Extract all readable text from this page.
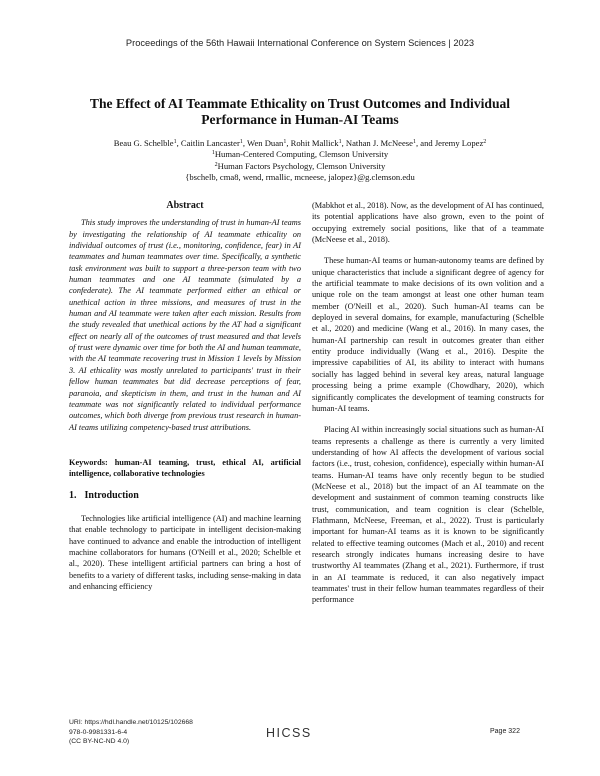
Proceedings of the 56th Hawaii International Conference on System Sciences | 2023
The Effect of AI Teammate Ethicality on Trust Outcomes and Individual
Performance in Human-AI Teams
Beau G. Schelble$^1$, Caitlin Lancaster$^1$, Wen Duan$^1$, Rohit Mallick$^1$, Nathan J. McNeese$^1$, and Jeremy Lopez$^2$
$^1$Human-Centered Computing, Clemson University
$^2$Human Factors Psychology, Clemson University
{bschelb, cma8, wend, rmallic, mcneese, jalopez}@g.clemson.edu
Abstract

This study improves the understanding of trust in human-AI teams by investigating the relationship of AI teammate ethicality on individual outcomes of trust (i.e., monitoring, confidence, fear) in AI teammates and human teammates over time. Specifically, a synthetic task environment was built to support a three-person team with two human teammates and one AI teammate (simulated by a confederate). The AI teammate performed either an ethical or unethical action in three missions, and measures of trust in the human and AI teammate were taken after each mission. Results from the study revealed that unethical actions by the AT had a significant effect on nearly all of the outcomes of trust measured and that levels of trust were dynamic over time for both the AI and human teammate, with the AI teammate recovering trust in Mission 1 levels by Mission 3. AI ethicality was mostly unrelated to participants' trust in their fellow human teammates but did decrease perceptions of fear, paranoia, and skepticism in them, and trust in the human and AI teammate was not significantly related to individual performance outcomes, which both diverge from previous trust research in human-AI teams utilizing competency-based trust attributions.

Keywords: human-AI teaming, trust, ethical AI, artificial intelligence, collaborative technologies

1. Introduction

Technologies like artificial intelligence (AI) and machine learning that enable technology to participate in intelligent decision-making have continued to advance and enable the introduction of intelligent machine collaborators for humans (O'Neill et al., 2020; Schelble et al., 2020). These intelligent artificial partners can bring a host of benefits to a variety of different tasks, including sense-making in data and enhancing efficiency

(Mabkhot et al., 2018). Now, as the development of AI has continued, its potential applications have also grown, even to the point of occupying extremely social positions, like that of a teammate (McNeese et al., 2018).

These human-AI teams or human-autonomy teams are defined by unique characteristics that include a significant degree of agency for the artificial teammate to make decisions of its own volition and a unique role on the team amongst at least one other human team member (O'Neill et al., 2020). Such human-AI teams can be deployed in several domains, for example, manufacturing (Schelble et al., 2020) and medicine (Wang et al., 2016). In many cases, the human-AI partnership can result in outcomes greater than either entity produce individually (Wang et al., 2016). Despite the impressive capabilities of AI, its ability to interact with humans socially has lagged behind in several key areas, natural language processing being a prime example (Chowdhary, 2020), which significantly complicates the development of teaming constructs for human-AI teams.

Placing AI within increasingly social situations such as human-AI teams represents a challenge as there is currently a very limited understanding of how AI affects the development of various social factors (i.e., trust, cohesion, confidence), especially within human-AI teams. Human-AI teams have only recently begun to be studied (McNeese et al., 2018) but the impact of an AI teammate on the development and sustainment of common teaming constructs like trust, communication, and team cognition is clear (Schelble, Flathmann, McNeese, Freeman, et al., 2022). Trust is particularly important for human-AI teams as it is known to be significantly related to effective teaming outcomes (Mach et al., 2010) and recent research strongly indicates humans increasing desire to have trustworthy AI teammates (Zhang et al., 2021). Furthermore, if trust in an AI teammate is reduced, it can also negatively impact teammates' trust in their fellow human teammates regardless of their performance

URI: https://hdl.handle.net/10125/102668
978-0-9981331-6-4
(CC BY-NC-ND 4.0)
HICSS	Page 322
